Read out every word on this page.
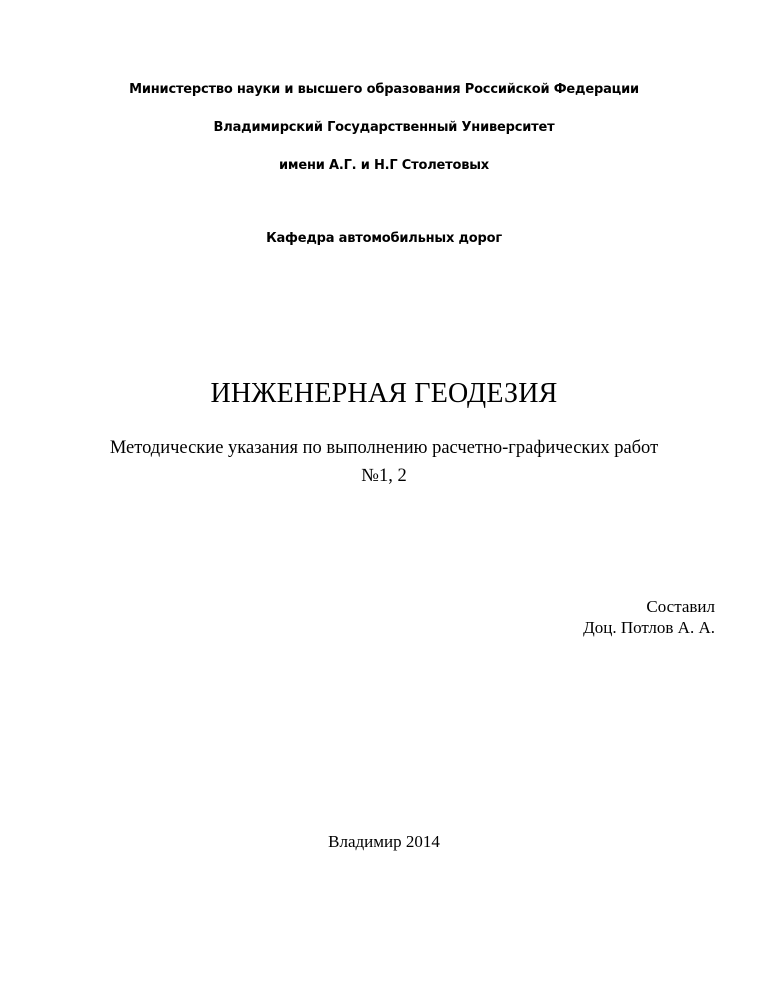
Министерство науки и высшего образования Российской Федерации
Владимирский Государственный Университет
имени А.Г. и Н.Г Столетовых
Кафедра автомобильных дорог
ИНЖЕНЕРНАЯ ГЕОДЕЗИЯ
Методические указания по выполнению расчетно-графических работ
№1, 2
Составил
Доц. Потлов А. А.
Владимир 2014
